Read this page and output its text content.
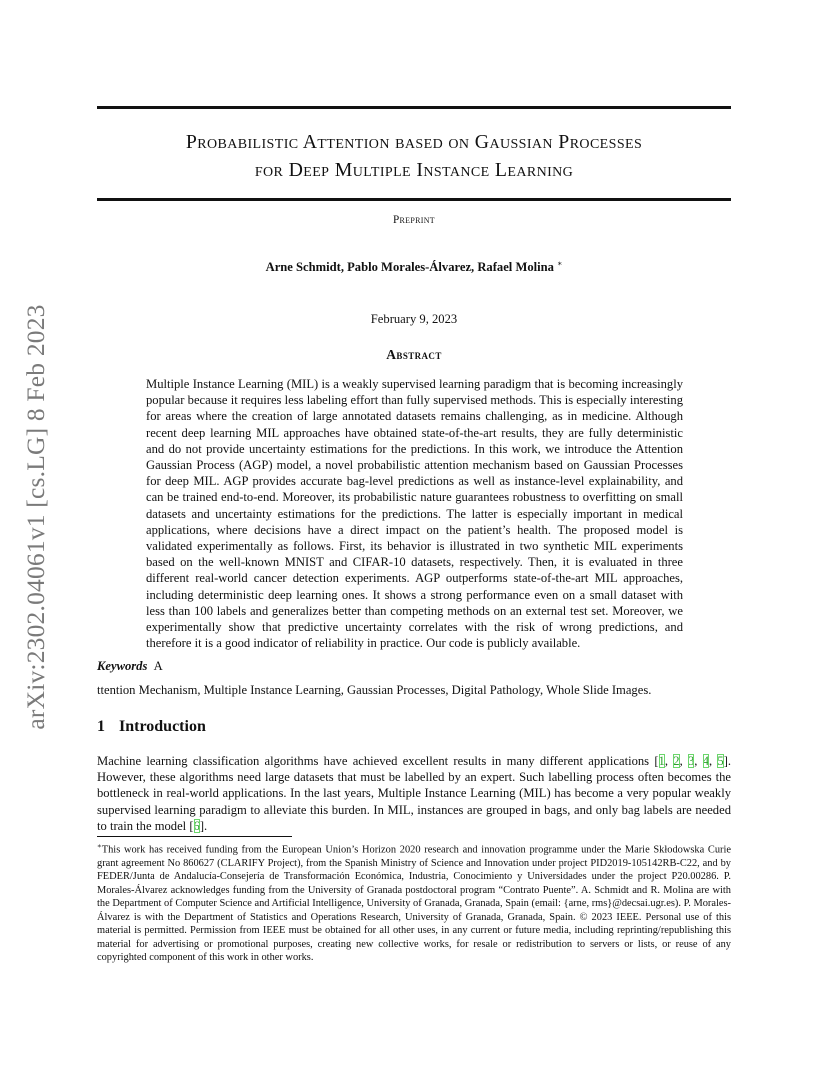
arXiv:2302.04061v1 [cs.LG] 8 Feb 2023
Probabilistic Attention based on Gaussian Processes
for Deep Multiple Instance Learning
Preprint
Arne Schmidt, Pablo Morales-Álvarez, Rafael Molina ∗
February 9, 2023
Abstract

Multiple Instance Learning (MIL) is a weakly supervised learning paradigm that is becoming increasingly popular because it requires less labeling effort than fully supervised methods. This is especially interesting for areas where the creation of large annotated datasets remains challenging, as in medicine. Although recent deep learning MIL approaches have obtained state-of-the-art results, they are fully deterministic and do not provide uncertainty estimations for the predictions. In this work, we introduce the Attention Gaussian Process (AGP) model, a novel probabilistic attention mechanism based on Gaussian Processes for deep MIL. AGP provides accurate bag-level predictions as well as instance-level explainability, and can be trained end-to-end. Moreover, its probabilistic nature guarantees robustness to overfitting on small datasets and uncertainty estimations for the predictions. The latter is especially important in medical applications, where decisions have a direct impact on the patient’s health. The proposed model is validated experimentally as follows. First, its behavior is illustrated in two synthetic MIL experiments based on the well-known MNIST and CIFAR-10 datasets, respectively. Then, it is evaluated in three different real-world cancer detection experiments. AGP outperforms state-of-the-art MIL approaches, including deterministic deep learning ones. It shows a strong performance even on a small dataset with less than 100 labels and generalizes better than competing methods on an external test set. Moreover, we experimentally show that predictive uncertainty correlates with the risk of wrong predictions, and therefore it is a good indicator of reliability in practice. Our code is publicly available.

Keywords A
ttention Mechanism, Multiple Instance Learning, Gaussian Processes, Digital Pathology, Whole Slide Images.
1 Introduction

Machine learning classification algorithms have achieved excellent results in many different applications [1, 2, 3, 4, 5]. However, these algorithms need large datasets that must be labelled by an expert. Such labelling process often becomes the bottleneck in real-world applications. In the last years, Multiple Instance Learning (MIL) has become a very popular weakly supervised learning paradigm to alleviate this burden. In MIL, instances are grouped in bags, and only bag labels are needed to train the model [6].

∗This work has received funding from the European Union’s Horizon 2020 research and innovation programme under the Marie Skłodowska Curie grant agreement No 860627 (CLARIFY Project), from the Spanish Ministry of Science and Innovation under project PID2019-105142RB-C22, and by FEDER/Junta de Andalucía-Consejería de Transformación Económica, Industria, Conocimiento y Universidades under the project P20.00286. P. Morales-Álvarez acknowledges funding from the University of Granada postdoctoral program “Contrato Puente”. A. Schmidt and R. Molina are with the Department of Computer Science and Artificial Intelligence, University of Granada, Granada, Spain (email: {arne, rms}@decsai.ugr.es). P. Morales-Álvarez is with the Department of Statistics and Operations Research, University of Granada, Granada, Spain. © 2023 IEEE. Personal use of this material is permitted. Permission from IEEE must be obtained for all other uses, in any current or future media, including reprinting/republishing this material for advertising or promotional purposes, creating new collective works, for resale or redistribution to servers or lists, or reuse of any copyrighted component of this work in other works.
